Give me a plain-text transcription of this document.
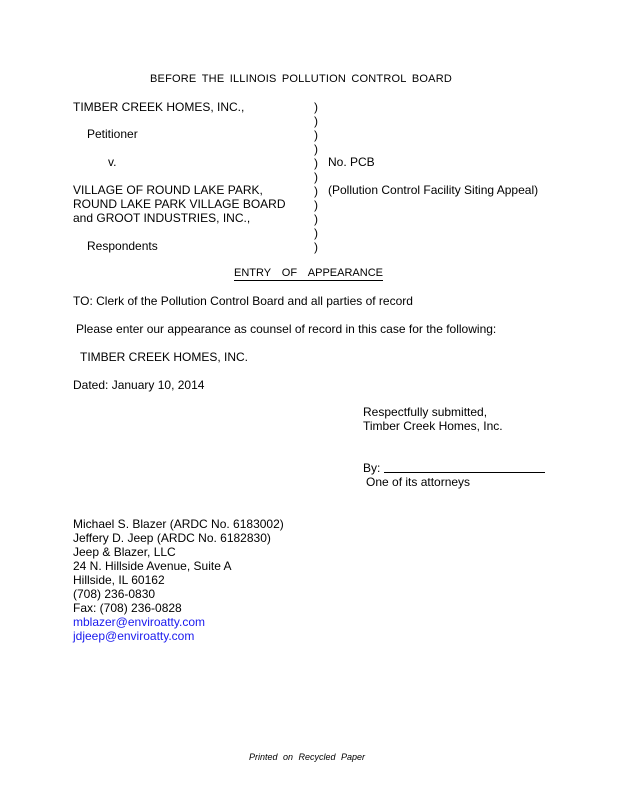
BEFORE THE ILLINOIS POLLUTION CONTROL BOARD
TIMBER CREEK HOMES, INC.,
Petitioner
v.
VILLAGE OF ROUND LAKE PARK,
ROUND LAKE PARK VILLAGE BOARD
and GROOT INDUSTRIES, INC.,
Respondents
)
)
)
)
)
)
)
)
)
)
)
No. PCB
(Pollution Control Facility Siting Appeal)
ENTRY OF APPEARANCE
TO: Clerk of the Pollution Control Board and all parties of record
Please enter our appearance as counsel of record in this case for the following:
TIMBER CREEK HOMES, INC.
Dated: January 10, 2014
Respectfully submitted,
Timber Creek Homes, Inc.
By:
One of its attorneys
Michael S. Blazer (ARDC No. 6183002)
Jeffery D. Jeep (ARDC No. 6182830)
Jeep & Blazer, LLC
24 N. Hillside Avenue, Suite A
Hillside, IL 60162
(708) 236-0830
Fax: (708) 236-0828
mblazer@enviroatty.com
jdjeep@enviroatty.com
Printed on Recycled Paper
